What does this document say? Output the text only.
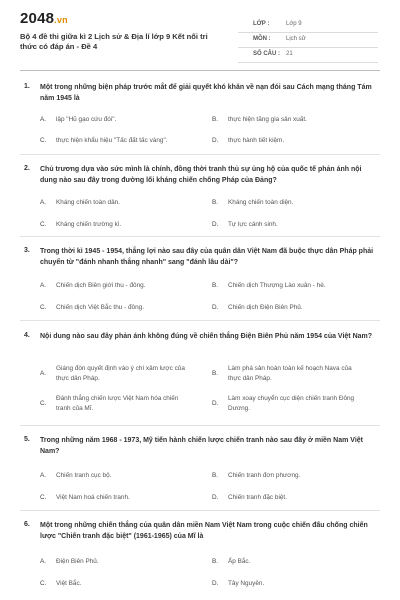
2048.vn
Bộ 4 đề thi giữa kì 2 Lịch sử & Địa lí lớp 9 Kết nối tri thức có đáp án - Đề 4
LỚP :	Lớp 9
MÔN :	Lịch sử
SỐ CÂU : 21
1. Một trong những biện pháp trước mắt để giải quyết khó khăn về nạn đói sau Cách mạng tháng Tám năm 1945 là
A. lập "Hũ gạo cứu đói".	B. thực hiện tăng gia sản xuất.
C. thực hiện khẩu hiệu "Tấc đất tấc vàng".	D. thực hành tiết kiệm.
2. Chủ trương dựa vào sức mình là chính, đồng thời tranh thủ sự ủng hộ của quốc tế phản ánh nội dung nào sau đây trong đường lối kháng chiến chống Pháp của Đảng?
A. Kháng chiến toàn dân.	B. Kháng chiến toàn diện.
C. Kháng chiến trường kì.	D. Tự lực cánh sinh.
3. Trong thời kì 1945 - 1954, thắng lợi nào sau đây của quân dân Việt Nam đã buộc thực dân Pháp phải chuyển từ "đánh nhanh thắng nhanh" sang "đánh lâu dài"?
A. Chiến dịch Biên giới thu - đông.	B. Chiến dịch Thượng Lào xuân - hè.
C. Chiến dịch Việt Bắc thu - đông.	D. Chiến dịch Điện Biên Phủ.
4. Nội dung nào sau đây phản ánh không đúng về chiến thắng Điện Biên Phủ năm 1954 của Việt Nam?
A.
Giáng đòn quyết định vào ý chí xâm lược của thực dân Pháp.
B.
Làm phá sản hoàn toàn kế hoạch Nava của thực dân Pháp.
C.
Đánh thắng chiến lược Việt Nam hóa chiến tranh của Mĩ.
D.
Làm xoay chuyển cục diện chiến tranh Đông Dương.
5. Trong những năm 1968 - 1973, Mỹ tiến hành chiến lược chiến tranh nào sau đây ở miền Nam Việt Nam?
A. Chiến tranh cục bộ.	B. Chiến tranh đơn phương.
C. Việt Nam hoá chiến tranh.	D. Chiến tranh đặc biệt.
6. Một trong những chiến thắng của quân dân miền Nam Việt Nam trong cuộc chiến đấu chống chiến lược "Chiến tranh đặc biệt" (1961-1965) của Mĩ là
A. Điện Biên Phủ.	B. Ấp Bắc.
C. Việt Bắc.	D. Tây Nguyên.
